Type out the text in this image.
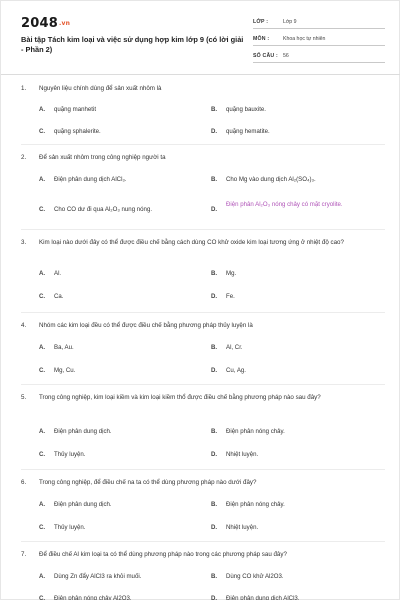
2048.vn
Bài tập Tách kim loại và việc sử dụng hợp kim lớp 9 (có lời giải - Phần 2)
LỚP :	Lớp 9
MÔN :	Khoa học tự nhiên
SỐ CÂU : 56
1.	Nguyên liệu chính dùng để sản xuất nhôm là
A. quặng manhetit	B. quặng bauxite.
C. quặng sphalerite.	D. quặng hematite.
2.	Để sản xuất nhôm trong công nghiệp người ta
A. Điện phân dung dịch AlCl₃.	B. Cho Mg vào dung dịch Al₂(SO₄)₃.
C. Cho CO dư đi qua Al₂O₃ nung nóng.	D.
Điện phân Al₂O₃ nóng chảy có mặt cryolite.
3.	Kim loại nào dưới đây có thể được điều chế bằng cách dùng CO khử oxide kim loại tương ứng ở nhiệt độ cao?
A. Al.	B. Mg.
C. Ca.	D. Fe.
4.	Nhóm các kim loại đều có thể được điều chế bằng phương pháp thủy luyện là
A. Ba, Au.	B. Al, Cr.
C. Mg, Cu.	D. Cu, Ag.
5.	Trong công nghiệp, kim loại kiềm và kim loại kiềm thổ được điều chế bằng phương pháp nào sau đây?
A. Điện phân dung dịch.	B. Điện phân nóng chảy.
C. Thủy luyện.	D. Nhiệt luyện.
6.	Trong công nghiệp, để điều chế na ta có thể dùng phương pháp nào dưới đây?
A. Điện phân dung dịch.	B. Điện phân nóng chảy.
C. Thủy luyện.	D. Nhiệt luyện.
7.	Để điều chế Al kim loại ta có thể dùng phương pháp nào trong các phương pháp sau đây?
A. Dùng Zn đẩy AlCl3 ra khỏi muối.	B. Dùng CO khử Al2O3.
C. Điện phân nóng chảy Al2O3.	D. Điện phân dung dịch AlCl3.
